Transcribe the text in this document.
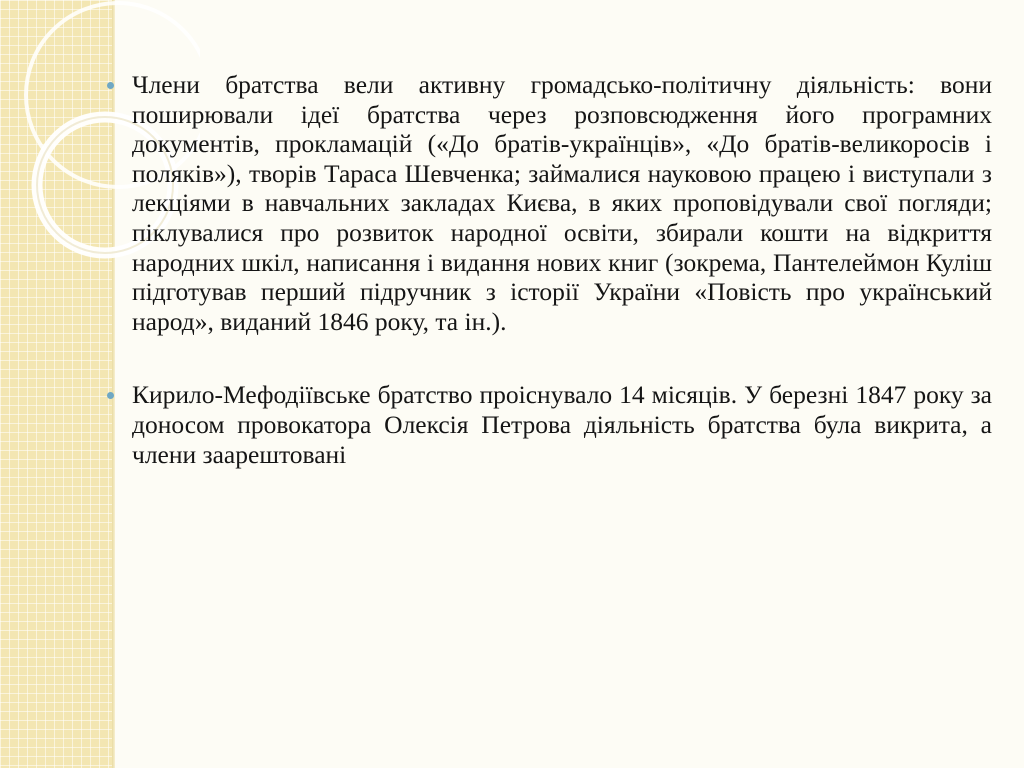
Члени братства вели активну громадсько-політичну діяльність: вони поширювали ідеї братства через розповсюдження його програмних документів, прокламацій («До братів-українців», «До братів-великоросів і поляків»), творів Тараса Шевченка; займалися науковою працею і виступали з лекціями в навчальних закладах Києва, в яких проповідували свої погляди; піклувалися про розвиток народної освіти, збирали кошти на відкриття народних шкіл, написання і видання нових книг (зокрема, Пантелеймон Куліш підготував перший підручник з історії України «Повість про український народ», виданий 1846 року, та ін.).

Кирило-Мефодіївське братство проіснувало 14 місяців. У березні 1847 року за доносом провокатора Олексія Петрова діяльність братства була викрита, а члени заарештовані
